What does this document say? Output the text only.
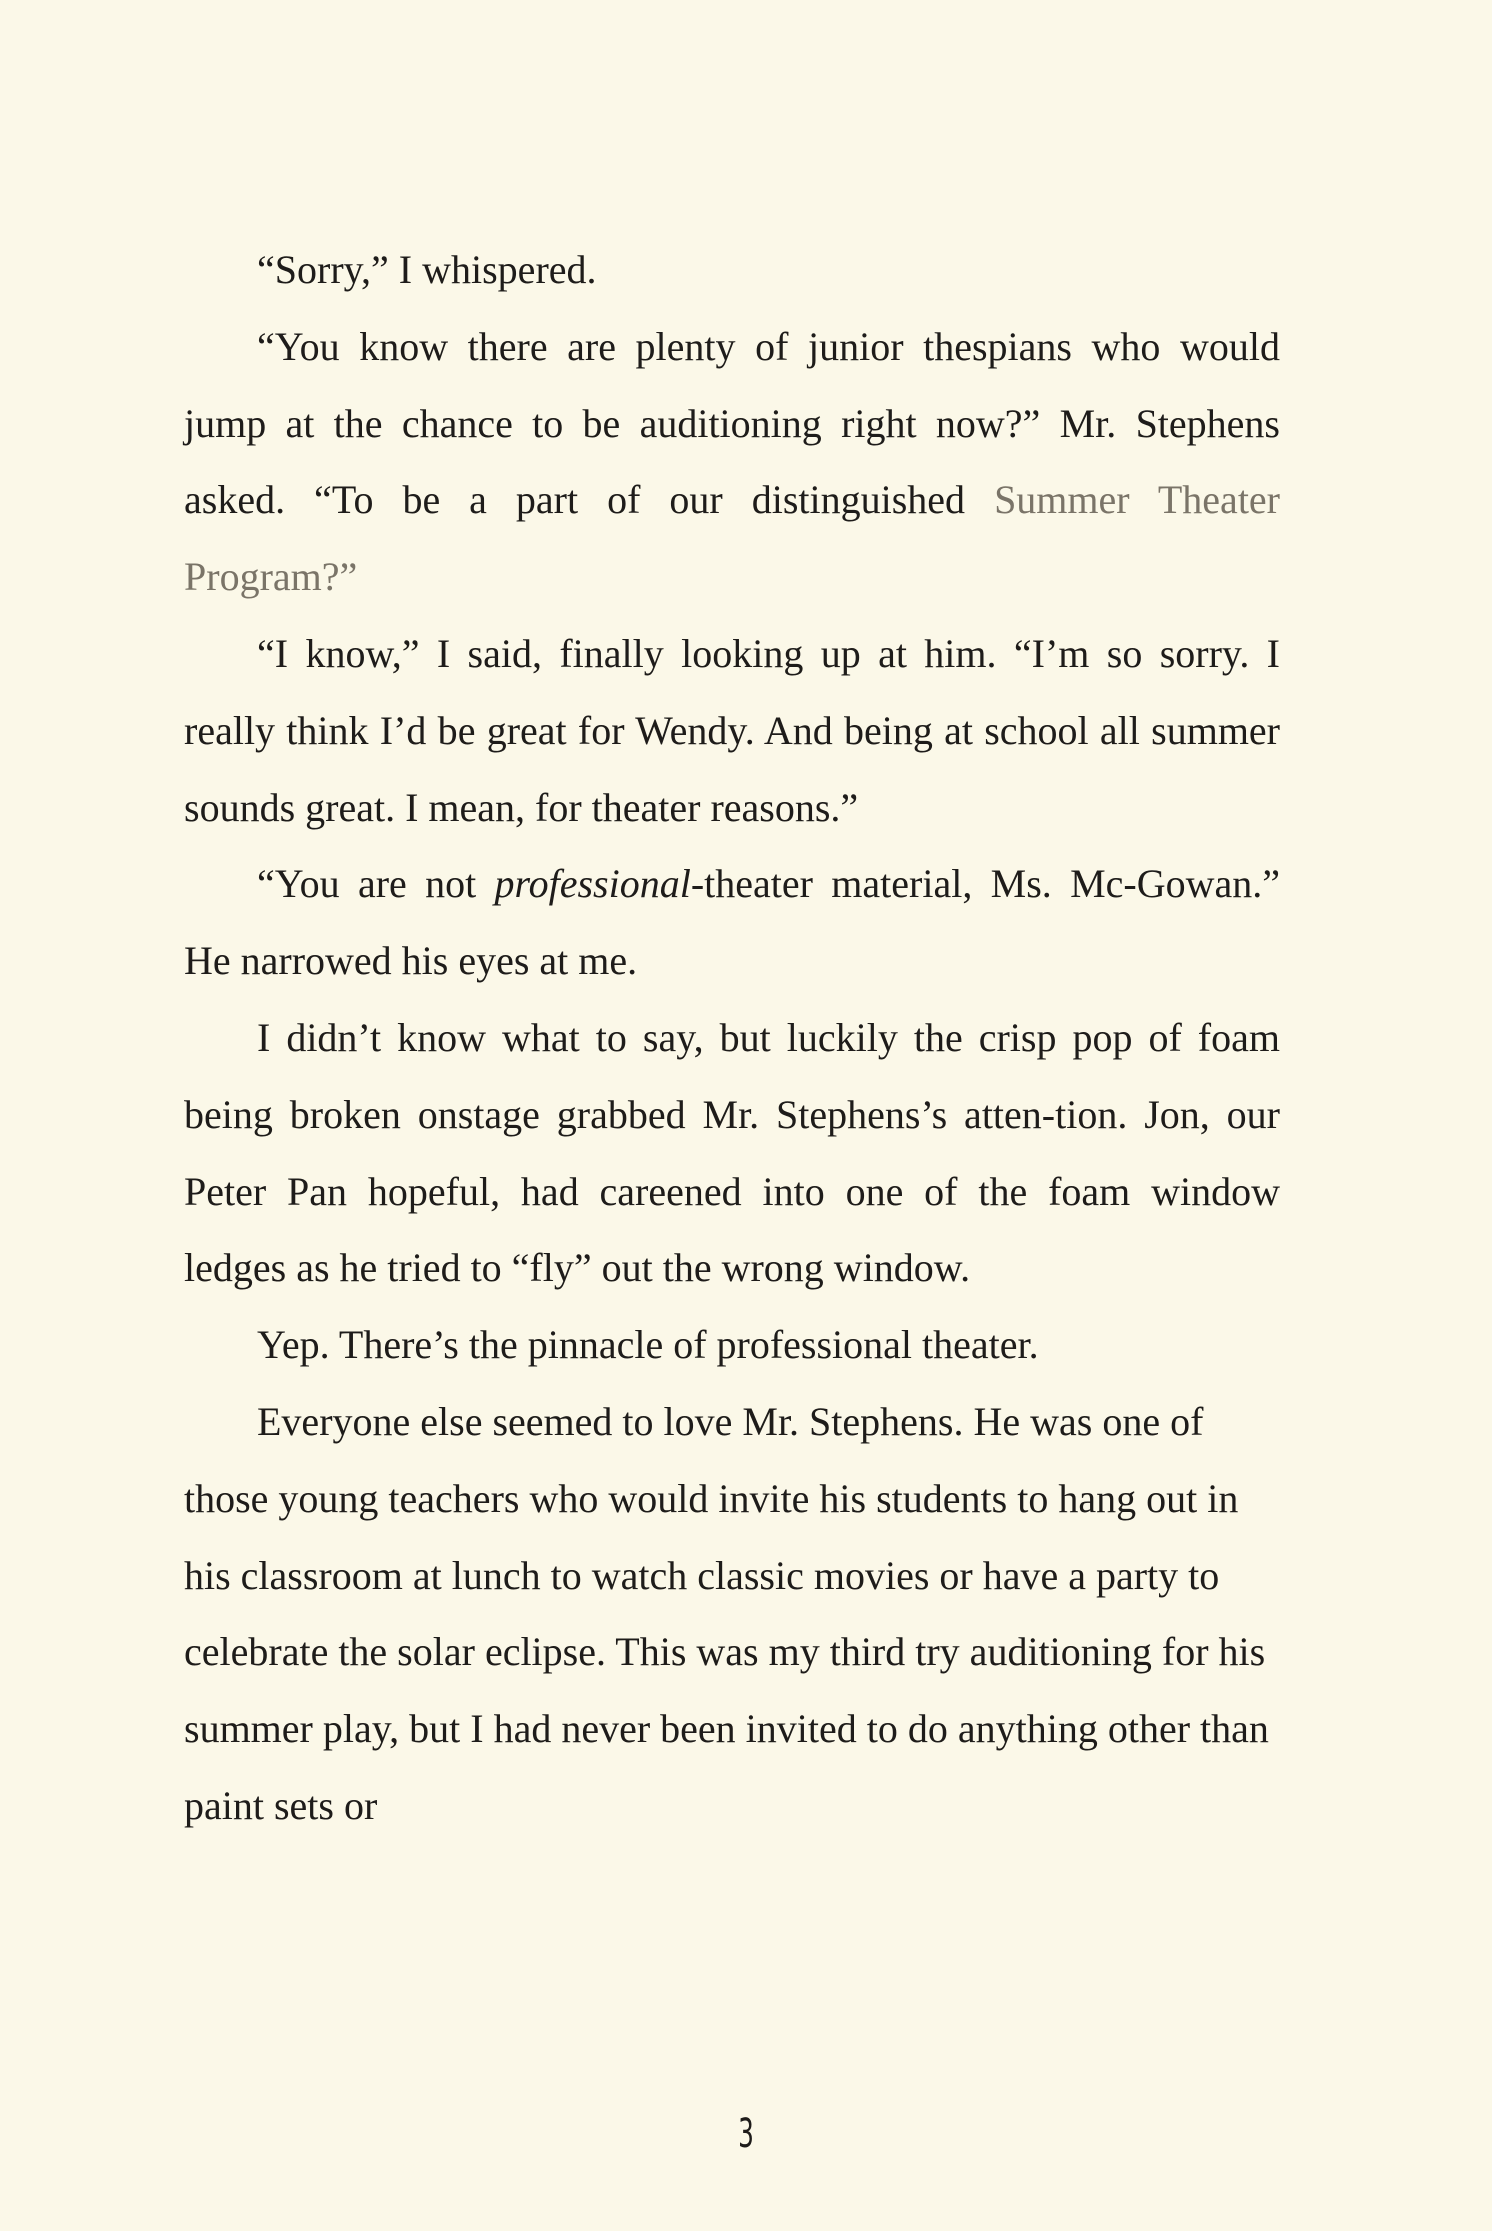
“Sorry,” I whispered.

“You know there are plenty of junior thespians who would jump at the chance to be auditioning right now?” Mr. Stephens asked. “To be a part of our distinguished Summer Theater Program?”

“I know,” I said, finally looking up at him. “I’m so sorry. I really think I’d be great for Wendy. And being at school all summer sounds great. I mean, for theater reasons.”

“You are not professional-theater material, Ms. Mc-Gowan.” He narrowed his eyes at me.

I didn’t know what to say, but luckily the crisp pop of foam being broken onstage grabbed Mr. Stephens’s atten-tion. Jon, our Peter Pan hopeful, had careened into one of the foam window ledges as he tried to “fly” out the wrong window.

Yep. There’s the pinnacle of professional theater.

Everyone else seemed to love Mr. Stephens. He was one of those young teachers who would invite his students to hang out in his classroom at lunch to watch classic movies or have a party to celebrate the solar eclipse. This was my third try auditioning for his summer play, but I had never been invited to do anything other than paint sets or

3
